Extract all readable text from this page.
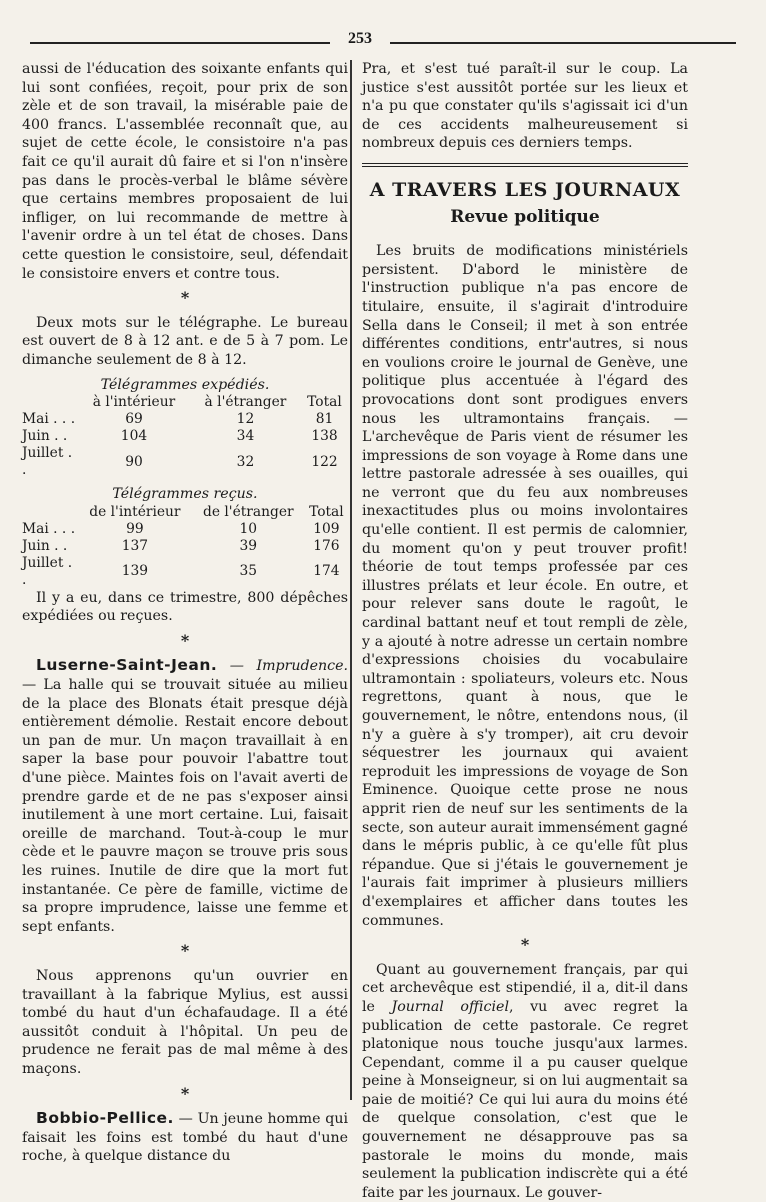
253

aussi de l'éducation des soixante enfants qui lui sont confiées, reçoit, pour prix de son zèle et de son travail, la misérable paie de 400 francs. L'assemblée reconnaît que, au sujet de cette école, le consistoire n'a pas fait ce qu'il aurait dû faire et si l'on n'insère pas dans le procès-verbal le blâme sévère que certains membres proposaient de lui infliger, on lui recommande de mettre à l'avenir ordre à un tel état de choses. Dans cette question le consistoire, seul, défendait le consistoire envers et contre tous.

*

Deux mots sur le télégraphe. Le bureau est ouvert de 8 à 12 ant. e de 5 à 7 pom. Le dimanche seulement de 8 à 12.

Télégrammes expédiés.
	à l'intérieur	à l'étranger	Total
Mai . . .	69	12	81
Juin . .	104	34	138
Juillet . .	90	32	122
Télégrammes reçus.
	de l'intérieur	de l'étranger	Total
Mai . . .	99	10	109
Juin . .	137	39	176
Juillet . .	139	35	174

Il y a eu, dans ce trimestre, 800 dépêches expédiées ou reçues.

*

Luserne-Saint-Jean. — Imprudence. — La halle qui se trouvait située au milieu de la place des Blonats était presque déjà entièrement démolie. Restait encore debout un pan de mur. Un maçon travaillait à en saper la base pour pouvoir l'abattre tout d'une pièce. Maintes fois on l'avait averti de prendre garde et de ne pas s'exposer ainsi inutilement à une mort certaine. Lui, faisait oreille de marchand. Tout-à-coup le mur cède et le pauvre maçon se trouve pris sous les ruines. Inutile de dire que la mort fut instantanée. Ce père de famille, victime de sa propre imprudence, laisse une femme et sept enfants.

*

Nous apprenons qu'un ouvrier en travaillant à la fabrique Mylius, est aussi tombé du haut d'un échafaudage. Il a été aussitôt conduit à l'hôpital. Un peu de prudence ne ferait pas de mal même à des maçons.

*

Bobbio-Pellice. — Un jeune homme qui faisait les foins est tombé du haut d'une roche, à quelque distance du

Pra, et s'est tué paraît-il sur le coup. La justice s'est aussitôt portée sur les lieux et n'a pu que constater qu'ils s'agissait ici d'un de ces accidents malheureusement si nombreux depuis ces derniers temps.

A TRAVERS LES JOURNAUX
Revue politique

Les bruits de modifications ministériels persistent. D'abord le ministère de l'instruction publique n'a pas encore de titulaire, ensuite, il s'agirait d'introduire Sella dans le Conseil; il met à son entrée différentes conditions, entr'autres, si nous en voulions croire le journal de Genève, une politique plus accentuée à l'égard des provocations dont sont prodigues envers nous les ultramontains français. — L'archevêque de Paris vient de résumer les impressions de son voyage à Rome dans une lettre pastorale adressée à ses ouailles, qui ne verront que du feu aux nombreuses inexactitudes plus ou moins involontaires qu'elle contient. Il est permis de calomnier, du moment qu'on y peut trouver profit! théorie de tout temps professée par ces illustres prélats et leur école. En outre, et pour relever sans doute le ragoût, le cardinal battant neuf et tout rempli de zèle, y a ajouté à notre adresse un certain nombre d'expressions choisies du vocabulaire ultramontain : spoliateurs, voleurs etc. Nous regrettons, quant à nous, que le gouvernement, le nôtre, entendons nous, (il n'y a guère à s'y tromper), ait cru devoir séquestrer les journaux qui avaient reproduit les impressions de voyage de Son Eminence. Quoique cette prose ne nous apprit rien de neuf sur les sentiments de la secte, son auteur aurait immensément gagné dans le mépris public, à ce qu'elle fût plus répandue. Que si j'étais le gouvernement je l'aurais fait imprimer à plusieurs milliers d'exemplaires et afficher dans toutes les communes.

*

Quant au gouvernement français, par qui cet archevêque est stipendié, il a, dit-il dans le Journal officiel, vu avec regret la publication de cette pastorale. Ce regret platonique nous touche jusqu'aux larmes. Cependant, comme il a pu causer quelque peine à Monseigneur, si on lui augmentait sa paie de moitié? Ce qui lui aura du moins été de quelque consolation, c'est que le gouvernement ne désapprouve pas sa pastorale le moins du monde, mais seulement la publication indiscrète qui a été faite par les journaux. Le gouver-
